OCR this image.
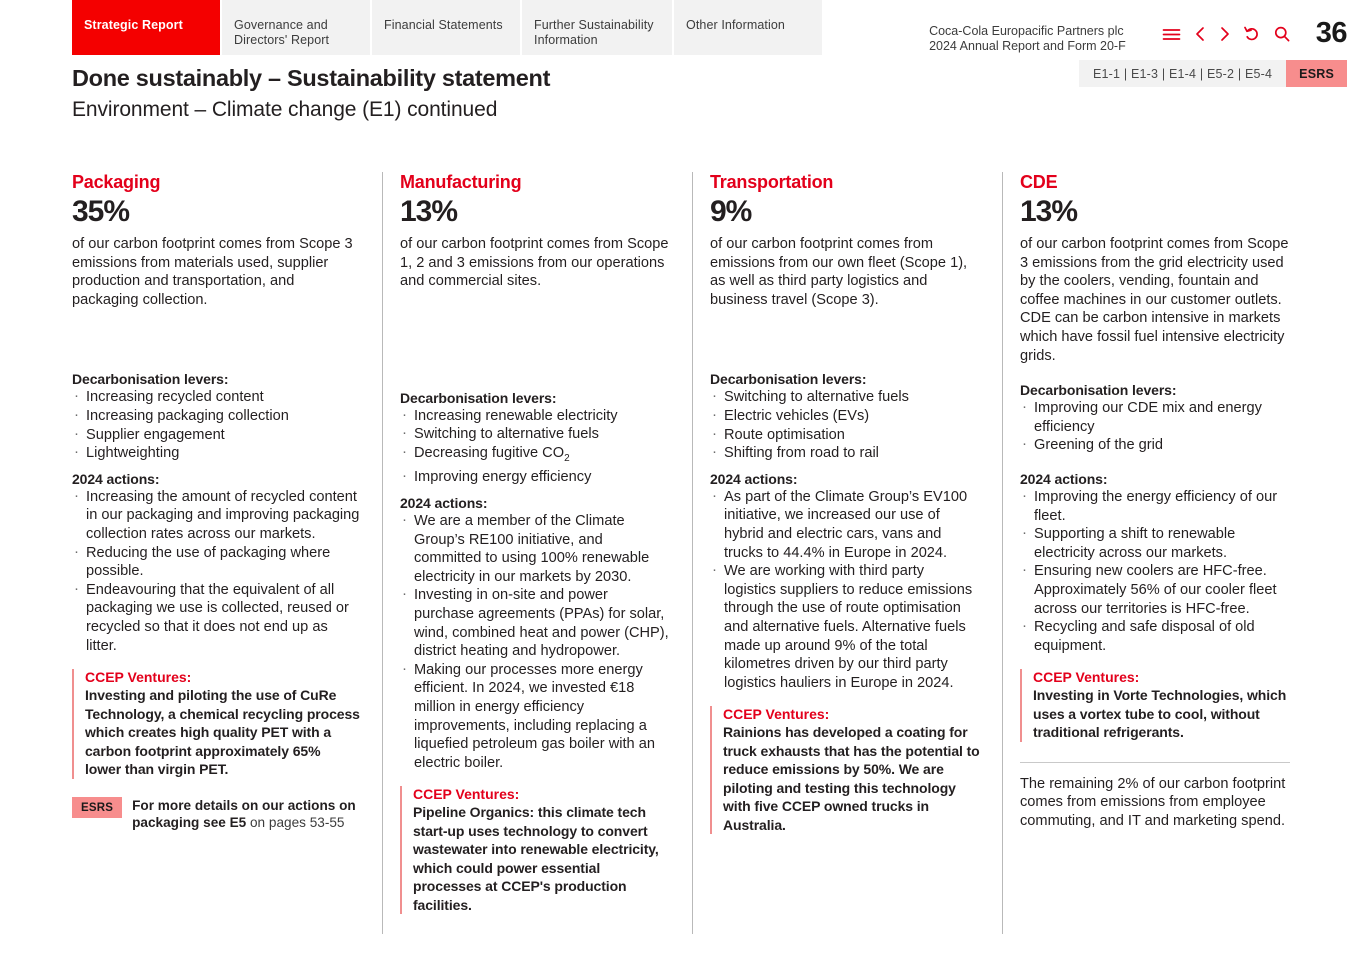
Strategic Report	Governance and Directors' Report
Financial Statements	Further Sustainability Information
Other Information	Coca-Cola Europacific Partners plc
2024 Annual Report and Form 20-F	36
Done sustainably – Sustainability statement

Environment – Climate change (E1) continued

E1-1 | E1-3 | E1-4 | E5-2 | E5-4	ESRS
Packaging
35%

of our carbon footprint comes from Scope 3 emissions from materials used, supplier production and transportation, and packaging collection.

Decarbonisation levers:
· Increasing recycled content
· Increasing packaging collection
· Supplier engagement
· Lightweighting
2024 actions:
· Increasing the amount of recycled content in our packaging and improving packaging collection rates across our markets.
· Reducing the use of packaging where possible.
· Endeavouring that the equivalent of all packaging we use is collected, reused or recycled so that it does not end up as litter.
CCEP Ventures:

Investing and piloting the use of CuRe Technology, a chemical recycling process which creates high quality PET with a carbon footprint approximately 65% lower than virgin PET.

ESRS	For more details on our actions on packaging see E5 on pages 53-55
Manufacturing
13%

of our carbon footprint comes from Scope 1, 2 and 3 emissions from our operations and commercial sites.

Decarbonisation levers:
· Increasing renewable electricity
· Switching to alternative fuels
· Decreasing fugitive $CO_2$
· Improving energy efficiency
2024 actions:
· We are a member of the Climate Group’s RE100 initiative, and committed to using 100% renewable electricity in our markets by 2030.
· Investing in on-site and power purchase agreements (PPAs) for solar, wind, combined heat and power (CHP), district heating and hydropower.
· Making our processes more energy efficient. In 2024, we invested €18 million in energy efficiency improvements, including replacing a liquefied petroleum gas boiler with an electric boiler.
CCEP Ventures:

Pipeline Organics: this climate tech start-up uses technology to convert wastewater into renewable electricity, which could power essential processes at CCEP's production facilities.

Transportation
9%

of our carbon footprint comes from emissions from our own fleet (Scope 1), as well as third party logistics and business travel (Scope 3).

Decarbonisation levers:
· Switching to alternative fuels
· Electric vehicles (EVs)
· Route optimisation
· Shifting from road to rail
2024 actions:
· As part of the Climate Group’s EV100 initiative, we increased our use of hybrid and electric cars, vans and trucks to 44.4% in Europe in 2024.
· We are working with third party logistics suppliers to reduce emissions through the use of route optimisation and alternative fuels. Alternative fuels made up around 9% of the total kilometres driven by our third party logistics hauliers in Europe in 2024.
CCEP Ventures:

Rainions has developed a coating for truck exhausts that has the potential to reduce emissions by 50%. We are piloting and testing this technology with five CCEP owned trucks in Australia.

CDE
13%

of our carbon footprint comes from Scope 3 emissions from the grid electricity used by the coolers, vending, fountain and coffee machines in our customer outlets. CDE can be carbon intensive in markets which have fossil fuel intensive electricity grids.

Decarbonisation levers:
· Improving our CDE mix and energy efficiency
· Greening of the grid
2024 actions:
· Improving the energy efficiency of our fleet.
· Supporting a shift to renewable electricity across our markets.
· Ensuring new coolers are HFC-free. Approximately 56% of our cooler fleet across our territories is HFC-free.
· Recycling and safe disposal of old equipment.
CCEP Ventures:

Investing in Vorte Technologies, which uses a vortex tube to cool, without traditional refrigerants.

The remaining 2% of our carbon footprint comes from emissions from employee commuting, and IT and marketing spend.
